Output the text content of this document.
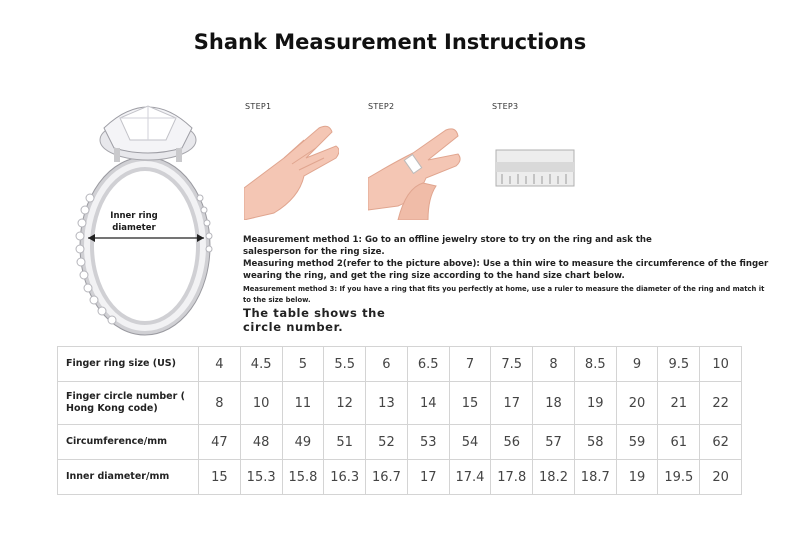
Shank Measurement Instructions
Inner ring diameter
STEP1	STEP2	STEP3
Measurement method 1: Go to an offline jewelry store to try on the ring and ask the salesperson for the ring size.
Measuring method 2(refer to the picture above): Use a thin wire to measure the circumference of the finger wearing the ring, and get the ring size according to the hand size chart below.
Measurement method 3: If you have a ring that fits you perfectly at home, use a ruler to measure the diameter of the ring and match it to the size below.
The table shows the circle number.
Finger ring size (US)	4	4.5	5	5.5	6	6.5	7	7.5	8	8.5	9	9.5	10
Finger circle number ( Hong Kong code)	8	10	11	12	13	14	15	17	18	19	20	21	22
Circumference/mm	47	48	49	51	52	53	54	56	57	58	59	61	62
Inner diameter/mm	15	15.3	15.8	16.3	16.7	17	17.4	17.8	18.2	18.7	19	19.5	20
